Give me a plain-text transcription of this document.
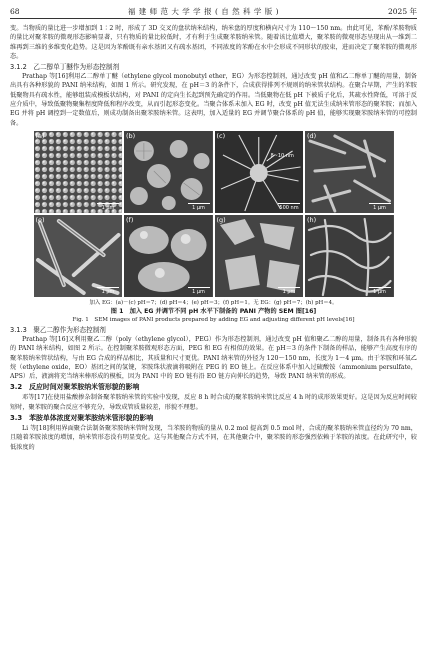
68	福 建 师 范 大 学 学 报 ( 自 然 科 学 版 )	2025 年

变。当物质的量比进一步增加到 1∶2 时，形成了 3D 交叉的盘状纳米结构，纳米盘的厚度和横向尺寸为 110～150 nm。由此可见，苯酚/苯胺物质的量比对聚苯胺的微观形态影响显著，只有物质的量比较低时，才有利于生成聚苯胺纳米管。随着该比值增大，聚苯胺的微观形态呈现出从一维到二维再到三维的多维变化趋势。这是因为苯酚既有亲水基团又有疏水基团，不同浓度的苯酚在水中会形成不同形状的胶束，进而决定了聚苯胺的微观形态。

3.1.2　乙二醇单丁醚作为形态控制剂

Prathap 等[16]利用乙二醇单丁醚（ethylene glycol monobutyl ether，EG）为形态控制剂，通过改变 pH 值和乙二醇单丁醚的用量，制备出具有各种形貌的 PANI 纳米结构，如图 1 所示。研究发现，在 pH＝3 的条件下，合成获得排列不规则的纳米管状结构。在聚合早期，产生的苯胺低聚物具有疏水性，能够组装成模板状结构，对 PANI 的定向生长起到预先确定的作用。当低聚物在低 pH 下被质子化后，其疏水性降低，可溶于反应介质中，导致低聚物聚集程度降低和程序改变，从而引起形态变化。当聚合体系未加入 EG 时，改变 pH 值无法生成纳米管形态的聚苯胺；而加入 EG 并将 pH 调控到一定数值后，则成功制备出聚苯胺纳米管。这表明，加入适量的 EG 并调节聚合体系的 pH 值，能够实现聚苯胺纳米管的可控制备。

(a)
1 μm
(b)
1 μm
(c)
8~10 nm
500 nm
(d)
1 μm
(e)
1 μm
(f)
1 μm
(g)
1 μm
(h)
1 μm
加入 EG：(a)－(c) pH＝7；(d) pH＝4；(e) pH＝3；(f) pH＝1。无 EG：(g) pH＝7；(h) pH＝4。
图 1　加入 EG 并调节不同 pH 水平下制备的 PANI 产物的 SEM 图[16]
Fig. 1　SEM images of PANI products prepared by adding EG and adjusting different pH levels[16]
3.1.3　聚乙二醇作为形态控制剂

Prathap 等[16]又利用聚乙二醇（poly（ethylene glycol），PEG）作为形态控制剂，通过改变 pH 值和聚乙二醇的用量，制备具有各种形貌的 PANI 纳米结构，如图 2 所示。在控制聚苯胺微观形态方面，PEG 和 EG 有相似的效果。在 pH＝3 的条件下制备的样品，能够产生高度有序的聚苯胺纳米管状结构，与由 EG 合成的样品相比，其质量和尺寸更优。PANI 纳米管的外径为 120～150 nm，长度为 1～4 μm。由于苯胺和环氧乙烷（ethylene oxide，EO）基团之间的氢键，苯胺珠状液滴将吸附在 PEG 的 EO 链上。在反应体系中加入过硫酸铵（ammonium persulfate，APS）后，液滴将充当纳米棒形成的模板，因为 PANI 中的 EO 链有沿 EO 链方向伸长的趋势，导致 PANI 纳米管的形成。

3.2　反应时间对聚苯胺纳米管形貌的影响

邓等[17]在使用盐酸掺杂制备聚苯胺纳米管的实验中发现，反应 8 h 时合成的聚苯胺纳米管比反应 4 h 时的成形效果更好。这是因为反应时间较短时，聚苯胺的聚合反应不够充分，导致成管质量较差，形貌不理想。

3.3　苯胺单体浓度对聚苯胺纳米管形貌的影响

Li 等[18]利用界面聚合法制备聚苯胺纳米管时发现，当苯胺的物质的量从 0.2 mol 提高到 0.5 mol 时，合成的聚苯胺纳米管直径约为 70 nm，且随着苯胺浓度的增加，纳米管形态没有明显变化。这与其他聚合方式不同，在其他聚合中，聚苯胺的形态强烈依赖于苯胺的浓度。在此研究中，较低浓度的
